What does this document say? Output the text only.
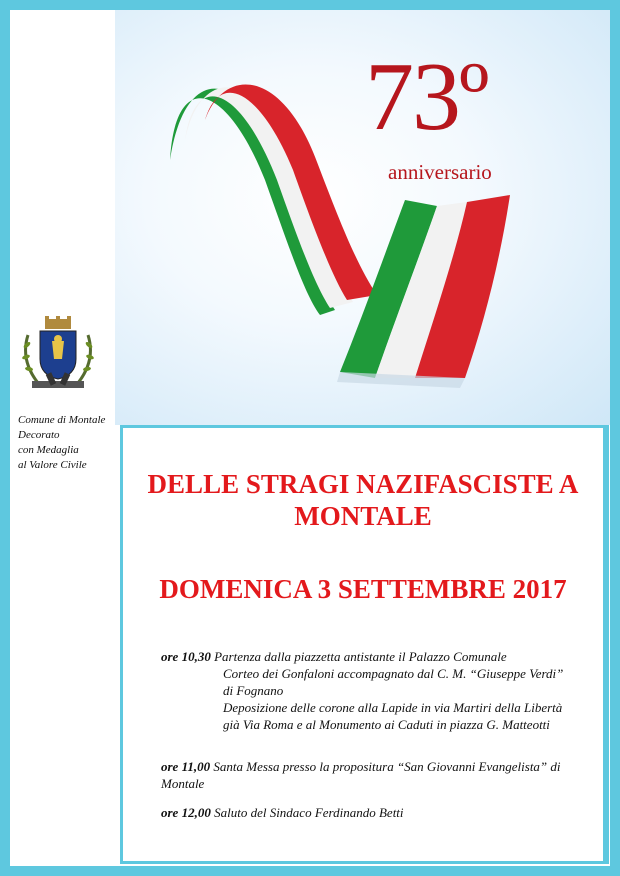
Comune di Montale
Decorato
con Medaglia
al Valore Civile
73º
anniversario
DELLE STRAGI NAZIFASCISTE A
MONTALE
DOMENICA 3 SETTEMBRE 2017
ore 10,30 Partenza dalla piazzetta antistante il Palazzo Comunale
Corteo dei Gonfaloni accompagnato dal C. M. “Giuseppe Verdi”
di Fognano
Deposizione delle corone alla Lapide in via Martiri della Libertà
già Via Roma e al Monumento ai Caduti in piazza G. Matteotti
ore 11,00 Santa Messa presso la propositura “San Giovanni Evangelista” di
Montale
ore 12,00 Saluto del Sindaco Ferdinando Betti
